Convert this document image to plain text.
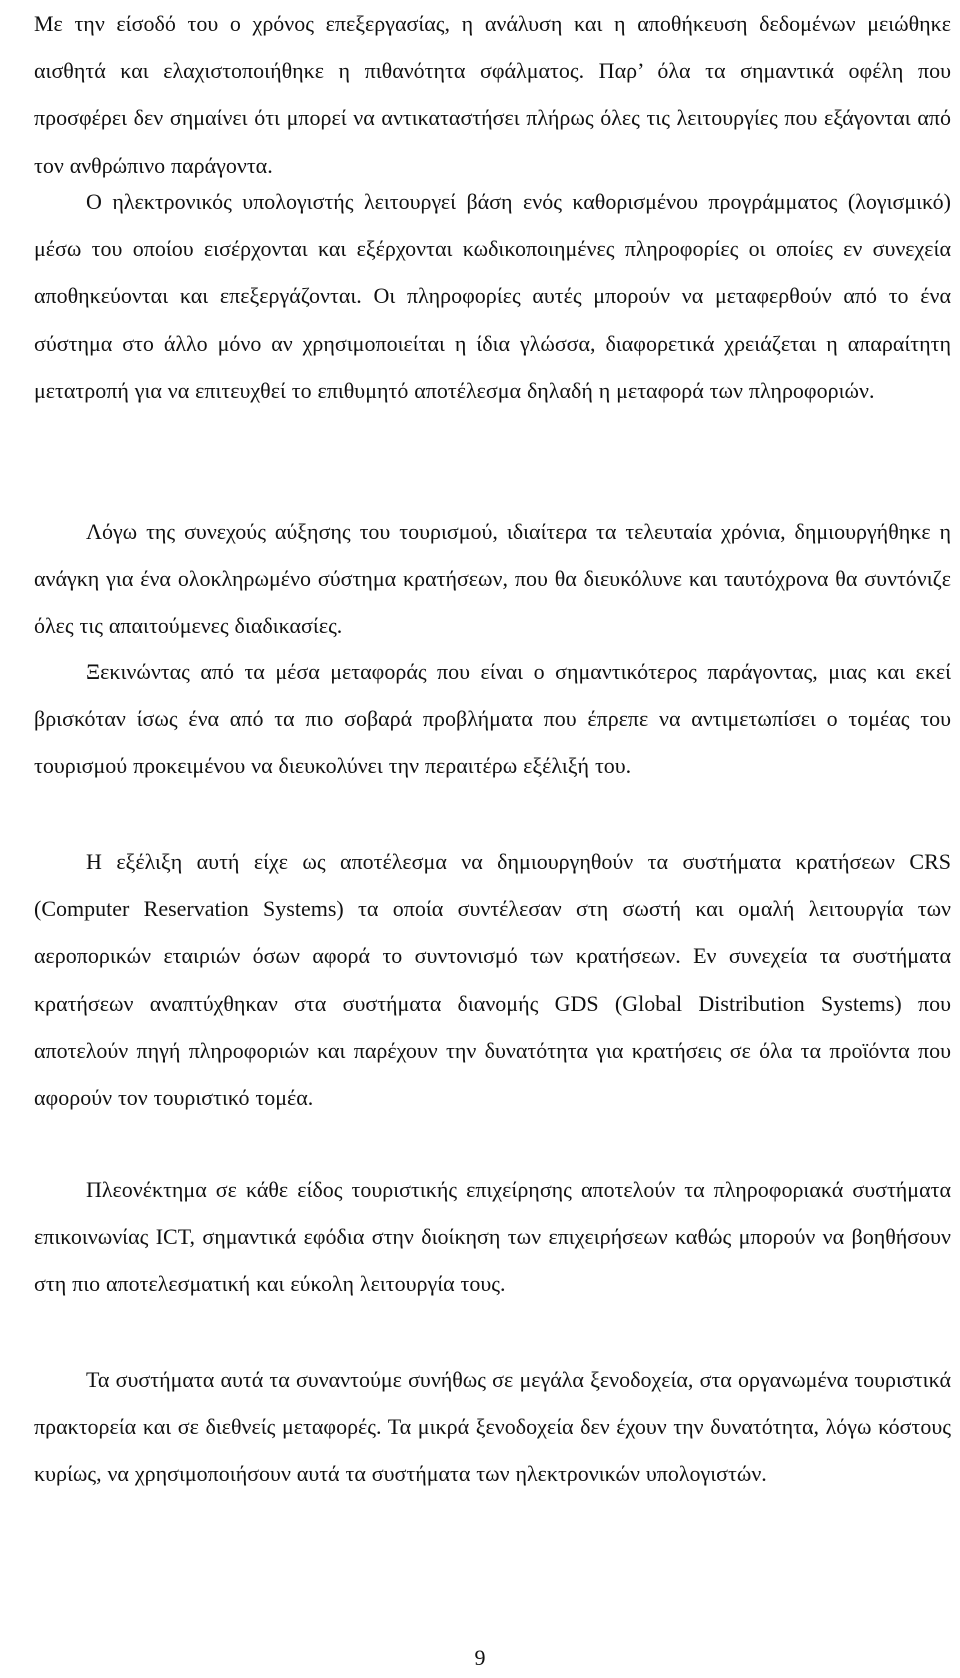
Με την είσοδό του ο χρόνος επεξεργασίας, η ανάλυση και η αποθήκευση δεδομένων μειώθηκε αισθητά και ελαχιστοποιήθηκε η πιθανότητα σφάλματος. Παρ’ όλα τα σημαντικά οφέλη που προσφέρει δεν σημαίνει ότι μπορεί να αντικαταστήσει πλήρως όλες τις λειτουργίες που εξάγονται από τον ανθρώπινο παράγοντα.

Ο ηλεκτρονικός υπολογιστής λειτουργεί βάση ενός καθορισμένου προγράμματος (λογισμικό) μέσω του οποίου εισέρχονται και εξέρχονται κωδικοποιημένες πληροφορίες οι οποίες εν συνεχεία αποθηκεύονται και επεξεργάζονται. Οι πληροφορίες αυτές μπορούν να μεταφερθούν από το ένα σύστημα στο άλλο μόνο αν χρησιμοποιείται η ίδια γλώσσα, διαφορετικά χρειάζεται η απαραίτητη μετατροπή για να επιτευχθεί το επιθυμητό αποτέλεσμα δηλαδή η μεταφορά των πληροφοριών.

Λόγω της συνεχούς αύξησης του τουρισμού, ιδιαίτερα τα τελευταία χρόνια, δημιουργήθηκε η ανάγκη για ένα ολοκληρωμένο σύστημα κρατήσεων, που θα διευκόλυνε και ταυτόχρονα θα συντόνιζε όλες τις απαιτούμενες διαδικασίες.

Ξεκινώντας από τα μέσα μεταφοράς που είναι ο σημαντικότερος παράγοντας, μιας και εκεί βρισκόταν ίσως ένα από τα πιο σοβαρά προβλήματα που έπρεπε να αντιμετωπίσει ο τομέας του τουρισμού προκειμένου να διευκολύνει την περαιτέρω εξέλιξή του.

Η εξέλιξη αυτή είχε ως αποτέλεσμα να δημιουργηθούν τα συστήματα κρατήσεων CRS (Computer Reservation Systems) τα οποία συντέλεσαν στη σωστή και ομαλή λειτουργία των αεροπορικών εταιριών όσων αφορά το συντονισμό των κρατήσεων. Εν συνεχεία τα συστήματα κρατήσεων αναπτύχθηκαν στα συστήματα διανομής GDS (Global Distribution Systems) που αποτελούν πηγή πληροφοριών και παρέχουν την δυνατότητα για κρατήσεις σε όλα τα προϊόντα που αφορούν τον τουριστικό τομέα.

Πλεονέκτημα σε κάθε είδος τουριστικής επιχείρησης αποτελούν τα πληροφοριακά συστήματα επικοινωνίας ICT, σημαντικά εφόδια στην διοίκηση των επιχειρήσεων καθώς μπορούν να βοηθήσουν στη πιο αποτελεσματική και εύκολη λειτουργία τους.

Τα συστήματα αυτά τα συναντούμε συνήθως σε μεγάλα ξενοδοχεία, στα οργανωμένα τουριστικά πρακτορεία και σε διεθνείς μεταφορές. Τα μικρά ξενοδοχεία δεν έχουν την δυνατότητα, λόγω κόστους κυρίως, να χρησιμοποιήσουν αυτά τα συστήματα των ηλεκτρονικών υπολογιστών.

9
